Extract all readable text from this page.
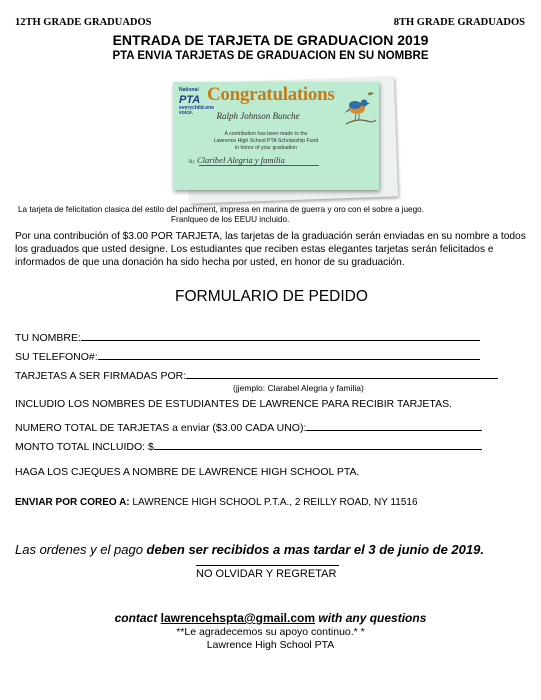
12TH GRADE GRADUADOS	8TH GRADE GRADUADOS
ENTRADA DE TARJETA DE GRADUACION 2019
PTA ENVIA TARJETAS DE GRADUACION EN SU NOMBRE
National
PTA
everychild.one voice.
Congratulations
Ralph Johnson Bunche
A contribution has been made to the
Lawrence High School PTA Scholarship Fund
in honor of your graduation
By Claribel Alegria y familia
La tarjeta de felicitation clasica del estilo del pachment, impresa en marina de guerra y oro con el sobre a juego.
Franlqueo de los EEUU incluido.
Por una contribución of $3.00 POR TARJETA, las tarjetas de la graduación serán enviadas en su nombre a todos los graduados que usted designe. Los estudiantes que reciben estas elegantes tarjetas serán felicitados e informados de que una donación ha sido hecha por usted, en honor de su graduación.
FORMULARIO DE PEDIDO
TU NOMBRE:
SU TELEFONO#:
TARJETAS A SER FIRMADAS POR:
(jjemplo: Clarabel Alegria y familia)
INCLUDIO LOS NOMBRES DE ESTUDIANTES DE LAWRENCE PARA RECIBIR TARJETAS.
NUMERO TOTAL DE TARJETAS a enviar ($3.00 CADA UNO):
MONTO TOTAL INCLUIDO: $
HAGA LOS CJEQUES A NOMBRE DE LAWRENCE HIGH SCHOOL PTA.
ENVIAR POR COREO A: LAWRENCE HIGH SCHOOL P.T.A., 2 REILLY ROAD, NY 11516
Las ordenes y el pago deben ser recibidos a mas tardar el 3 de junio de 2019.
NO OLVIDAR Y REGRETAR
contact lawrencehspta@gmail.com with any questions
**Le agradecemos su apoyo continuo.* *
Lawrence High School PTA
